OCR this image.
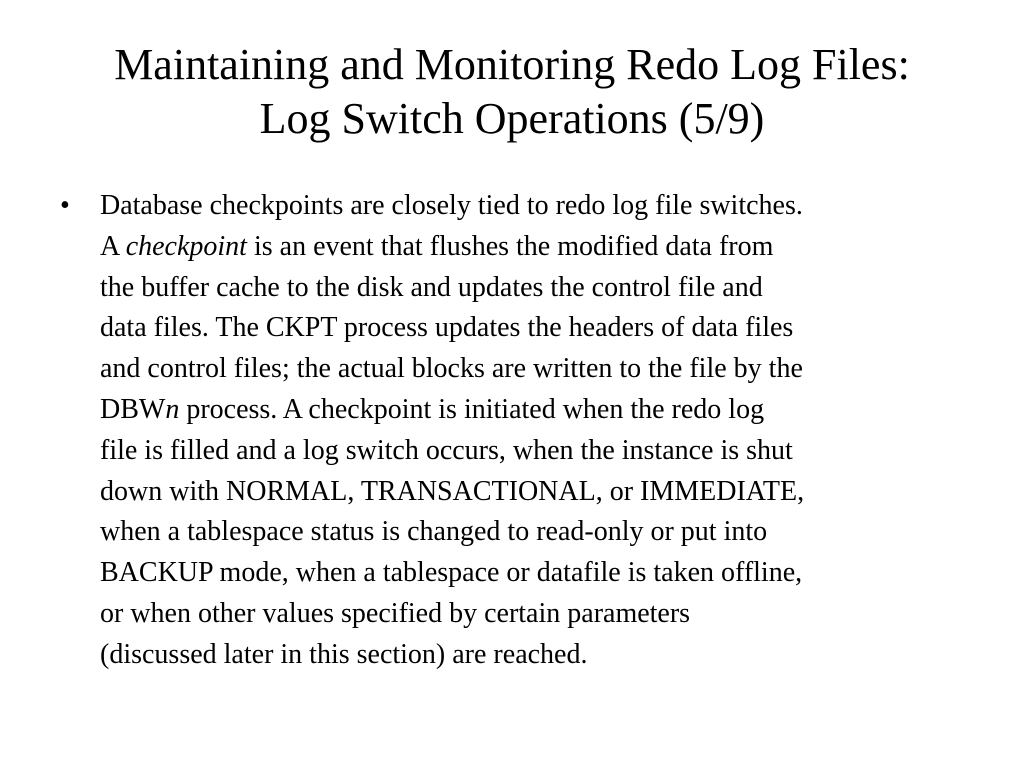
Maintaining and Monitoring Redo Log Files:
Log Switch Operations (5/9)
•	Database checkpoints are closely tied to redo log file switches.
A checkpoint is an event that flushes the modified data from
the buffer cache to the disk and updates the control file and
data files. The CKPT process updates the headers of data files
and control files; the actual blocks are written to the file by the
DBWn process. A checkpoint is initiated when the redo log
file is filled and a log switch occurs, when the instance is shut
down with NORMAL, TRANSACTIONAL, or IMMEDIATE,
when a tablespace status is changed to read-only or put into
BACKUP mode, when a tablespace or datafile is taken offline,
or when other values specified by certain parameters
(discussed later in this section) are reached.
